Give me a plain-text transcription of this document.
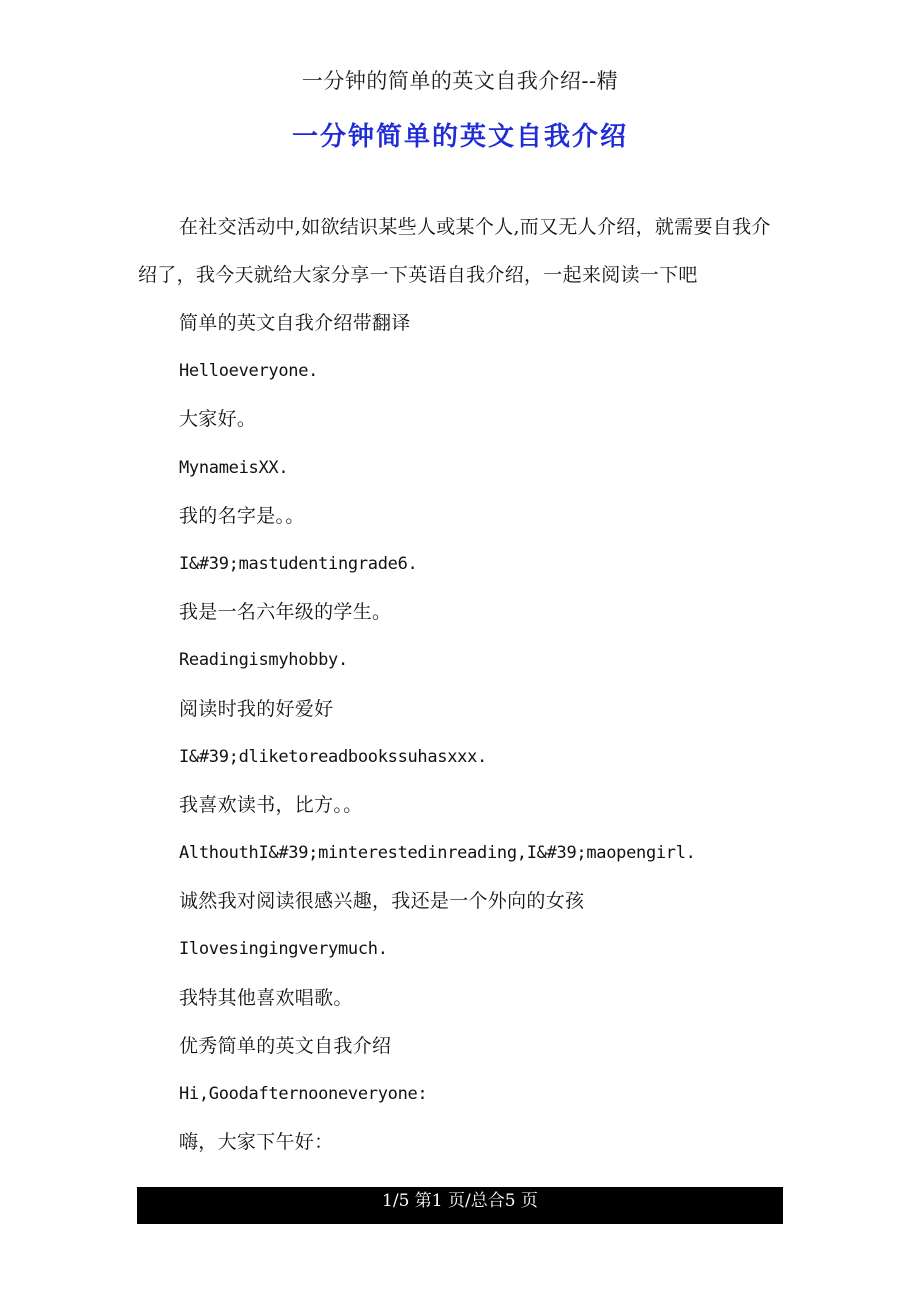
一分钟的简单的英文自我介绍--精
一分钟简单的英文自我介绍
在社交活动中,如欲结识某些人或某个人,而又无人介绍，就需要自我介绍了，我今天就给大家分享一下英语自我介绍，一起来阅读一下吧
简单的英文自我介绍带翻译
Helloeveryone.
大家好。
MynameisXX.
我的名字是。。
I&#39;mastudentingrade6.
我是一名六年级的学生。
Readingismyhobby.
阅读时我的好爱好
I&#39;dliketoreadbookssuhasxxx.
我喜欢读书，比方。。
AlthouthI&#39;minterestedinreading,I&#39;maopengirl.
诚然我对阅读很感兴趣，我还是一个外向的女孩
Ilovesingingverymuch.
我特其他喜欢唱歌。
优秀简单的英文自我介绍
Hi,Goodafternooneveryone:
嗨，大家下午好：
1/5 第1 页/总合5 页
